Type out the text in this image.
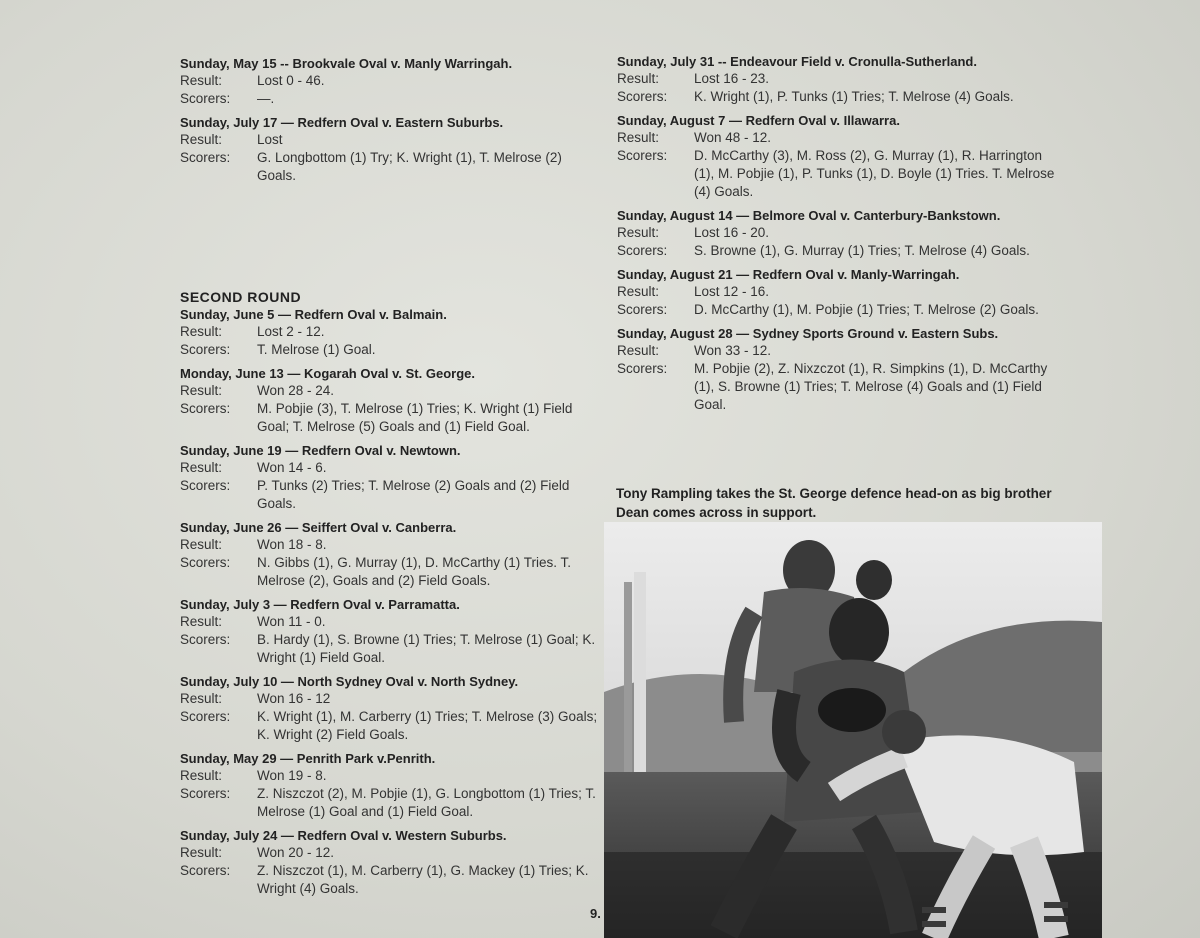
Sunday, May 15 -- Brookvale Oval v. Manly Warringah.
Result:	Lost 0 - 46.
Scorers:	—.
Sunday, July 17 — Redfern Oval v. Eastern Suburbs.
Result:	Lost
Scorers:	G. Longbottom (1) Try; K. Wright (1), T. Melrose (2) Goals.
SECOND ROUND
Sunday, June 5 — Redfern Oval v. Balmain.
Result:	Lost 2 - 12.
Scorers:	T. Melrose (1) Goal.
Monday, June 13 — Kogarah Oval v. St. George.
Result:	Won 28 - 24.
Scorers:	M. Pobjie (3), T. Melrose (1) Tries; K. Wright (1) Field Goal; T. Melrose (5) Goals and (1) Field Goal.
Sunday, June 19 — Redfern Oval v. Newtown.
Result:	Won 14 - 6.
Scorers:	P. Tunks (2) Tries; T. Melrose (2) Goals and (2) Field Goals.
Sunday, June 26 — Seiffert Oval v. Canberra.
Result:	Won 18 - 8.
Scorers:	N. Gibbs (1), G. Murray (1), D. McCarthy (1) Tries. T. Melrose (2), Goals and (2) Field Goals.
Sunday, July 3 — Redfern Oval v. Parramatta.
Result:	Won 11 - 0.
Scorers:	B. Hardy (1), S. Browne (1) Tries; T. Melrose (1) Goal; K. Wright (1) Field Goal.
Sunday, July 10 — North Sydney Oval v. North Sydney.
Result:	Won 16 - 12
Scorers:	K. Wright (1), M. Carberry (1) Tries; T. Melrose (3) Goals; K. Wright (2) Field Goals.
Sunday, May 29 — Penrith Park v.Penrith.
Result:	Won 19 - 8.
Scorers:	Z. Niszczot (2), M. Pobjie (1), G. Longbottom (1) Tries; T. Melrose (1) Goal and (1) Field Goal.
Sunday, July 24 — Redfern Oval v. Western Suburbs.
Result:	Won 20 - 12.
Scorers:	Z. Niszczot (1), M. Carberry (1), G. Mackey (1) Tries; K. Wright (4) Goals.
Sunday, July 31 -- Endeavour Field v. Cronulla-Sutherland.
Result:	Lost 16 - 23.
Scorers:	K. Wright (1), P. Tunks (1) Tries; T. Melrose (4) Goals.
Sunday, August 7 — Redfern Oval v. Illawarra.
Result:	Won 48 - 12.
Scorers:	D. McCarthy (3), M. Ross (2), G. Murray (1), R. Harrington (1), M. Pobjie (1), P. Tunks (1), D. Boyle (1) Tries. T. Melrose (4) Goals.
Sunday, August 14 — Belmore Oval v. Canterbury-Bankstown.
Result:	Lost 16 - 20.
Scorers:	S. Browne (1), G. Murray (1) Tries; T. Melrose (4) Goals.
Sunday, August 21 — Redfern Oval v. Manly-Warringah.
Result:	Lost 12 - 16.
Scorers:	D. McCarthy (1), M. Pobjie (1) Tries; T. Melrose (2) Goals.
Sunday, August 28 — Sydney Sports Ground v. Eastern Subs.
Result:	Won 33 - 12.
Scorers:	M. Pobjie (2), Z. Nixzczot (1), R. Simpkins (1), D. McCarthy (1), S. Browne (1) Tries; T. Melrose (4) Goals and (1) Field Goal.
Tony Rampling takes the St. George defence head-on as big brother Dean comes across in support.
9.
